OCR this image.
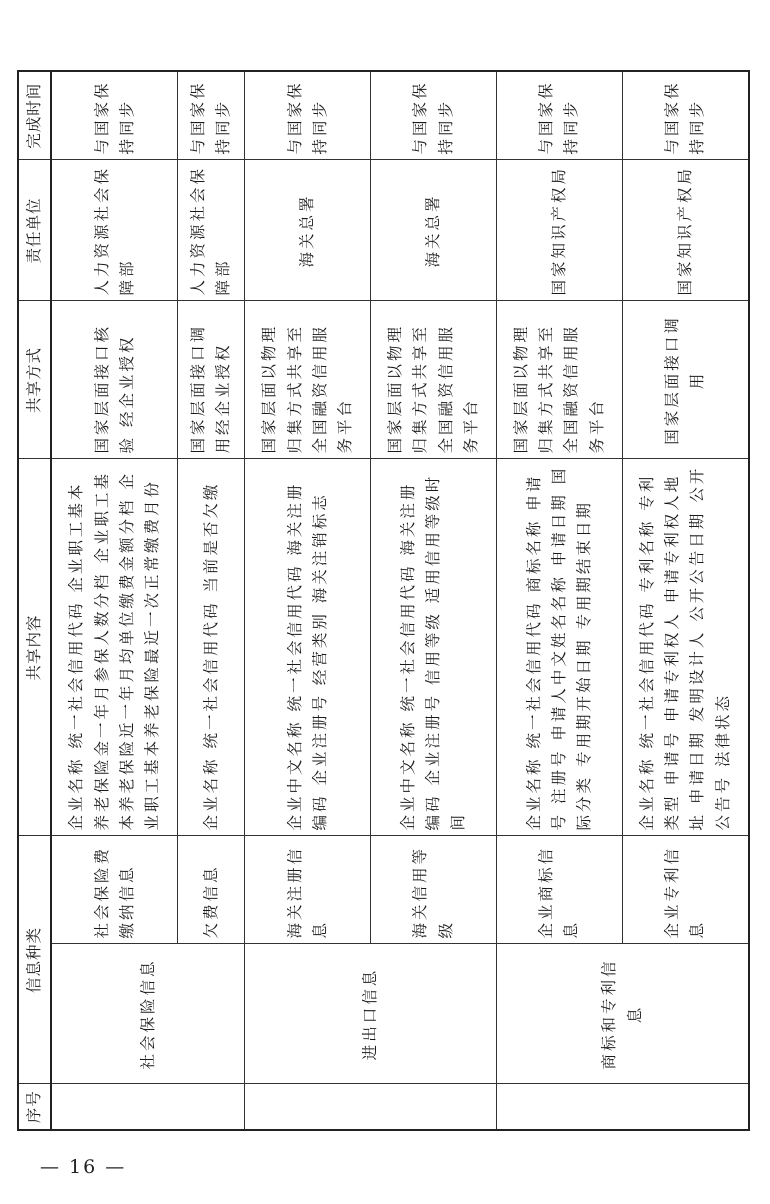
序号	信息种类		共享内容	共享方式	责任单位	完成时间
	社会保险信息	社会保险费缴纳信息	企业名称 统一社会信用代码 企业职工基本养老保险金一年月参保人数分档 企业职工基本养老保险近一年月均单位缴费金额分档 企业职工基本养老保险最近一次正常缴费月份	国家层面接口核验 经企业授权	人力资源社会保障部	与国家保持同步
		欠费信息	企业名称 统一社会信用代码 当前是否欠缴	国家层面接口调用经企业授权	人力资源社会保障部	与国家保持同步
	进出口信息	海关注册信息	企业中文名称 统一社会信用代码 海关注册编码 企业注册号 经营类别 海关注销标志	国家层面以物理归集方式共享至全国融资信用服务平台	海关总署	与国家保持同步
		海关信用等级	企业中文名称 统一社会信用代码 海关注册编码 企业注册号 信用等级 适用信用等级时间	国家层面以物理归集方式共享至全国融资信用服务平台	海关总署	与国家保持同步
	商标和专利信息	企业商标信息	企业名称 统一社会信用代码 商标名称 申请号 注册号 申请人中文姓名名称 申请日期 国际分类 专用期开始日期 专用期结束日期	国家层面以物理归集方式共享至全国融资信用服务平台	国家知识产权局	与国家保持同步
		企业专利信息	企业名称 统一社会信用代码 专利名称 专利类型 申请号 申请专利权人 申请专利权人地址 申请日期 发明设计人 公开公告日期 公开公告号 法律状态	国家层面接口调用	国家知识产权局	与国家保持同步
— 16 —
